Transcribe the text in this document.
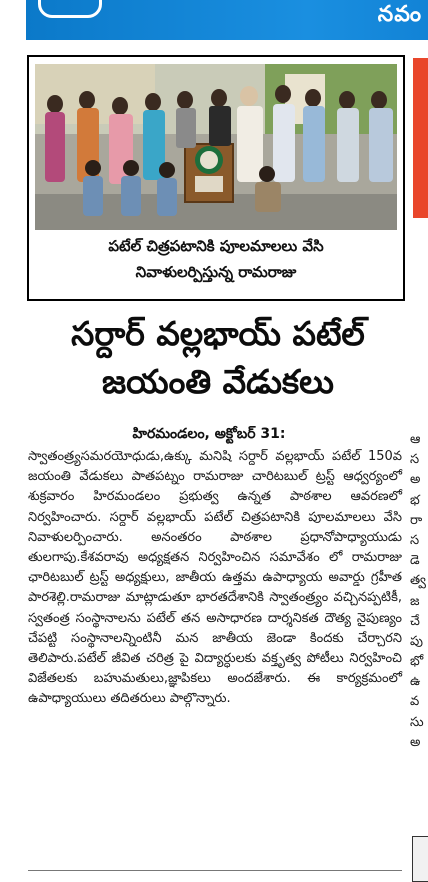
నవం
పటేల్ చిత్రపటానికి పూలమాలలు వేసి
నివాళులర్పిస్తున్న రామరాజు
సర్దార్ వల్లభాయ్ పటేల్
జయంతి వేడుకలు
హిరమండలం, అక్టోబర్ 31:
స్వాతంత్ర్యసమరయోధుడు,ఉక్కు మనిషి సర్దార్ వల్లభాయ్ పటేల్ 150వ జయంతి వేడుకలు పాతపట్నం రామరాజు చారిటబుల్ ట్రస్ట్ ఆధ్వర్యంలో శుక్రవారం హిరమండలం ప్రభుత్వ ఉన్నత పాఠశాల ఆవరణలో నిర్వహించారు. సర్దార్ వల్లభాయ్ పటేల్ చిత్రపటానికి పూలమాలలు వేసి నివాళులర్పించారు. అనంతరం పాఠశాల ప్రధానోపాధ్యాయుడు తులగాపు.కేశవరావు అధ్యక్షతన నిర్వహించిన సమావేశం లో రామరాజు ఛారిటబుల్ ట్రస్ట్ అధ్యక్షులు, జాతీయ ఉత్తమ ఉపాధ్యాయ అవార్డు గ్రహీత పారశెల్లి.రామరాజు మాట్లాడుతూ భారతదేశానికి స్వాతంత్ర్యం వచ్చినప్పటికీ, స్వతంత్ర సంస్థానాలను పటేల్ తన అసాధారణ దార్శనికత దౌత్య నైపుణ్యం చేపట్టి సంస్థానాలన్నింటినీ మన జాతీయ జెండా కిందకు చేర్చారని తెలిపారు.పటేల్ జీవిత చరిత్ర పై విద్యార్ధులకు వక్తృత్వ పోటీలు నిర్వహించి విజేతలకు బహుమతులు,జ్ఞాపికలు అందజేశారు. ఈ కార్యక్రమంలో ఉపాధ్యాయులు తదితరులు పాల్గొన్నారు.
ఆ
స
అ
భ
రా
స
డె
త్వ
జ
చే
పు
భో
ఉ
వ
సు
అ
